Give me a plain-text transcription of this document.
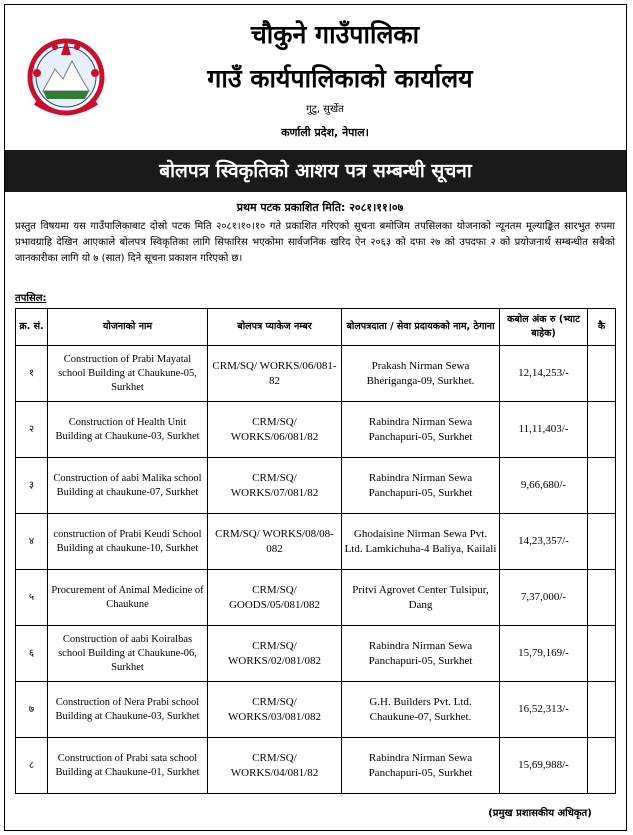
चौकुने गाउँपालिका
गाउँ कार्यपालिकाको कार्यालय
गुटु, सुर्खेत
कर्णाली प्रदेश, नेपाल।
बोलपत्र स्विकृतिको आशय पत्र सम्बन्धी सूचना
प्रथम पटक प्रकाशित मिति: २०८१।११।०७
प्रस्तुत विषयमा यस गाउँपालिकाबाट दोस्रो पटक मिति २०८१।१०।१० गते प्रकाशित गरिएको सूचना बमोजिम तपसिलका योजनाको न्यूनतम मूल्याङ्कित सारभुत रुपमा प्रभावग्राहि देखिन आएकाले बोलपत्र स्विकृतिका लागि सिफारिस भएकोमा सार्वजनिक खरिद ऐन २०६३ को दफा २७ को उपदफा २ को प्रयोजनार्थ सम्बन्धीत सबैको जानकारीका लागि यो ७ (सात) दिने सूचना प्रकाशन गरिएको छ।
तपसिल:
क्र. सं.	योजनाको नाम	बोलपत्र प्याकेज नम्बर	बोलपत्रदाता / सेवा प्रदायकको नाम, ठेगाना	कबोल अंक रु (भ्याट बाहेक)	कै
१	Construction of Prabi Mayatal school Building at Chaukune-05, Surkhet	CRM/SQ/ WORKS/06/081-82	Prakash Nirman Sewa Bheriganga-09, Surkhet.	12,14,253/-	
२	Construction of Health Unit Building at Chaukune-03, Surkhet	CRM/SQ/ WORKS/06/081/82	Rabindra Nirman Sewa Panchapuri-05, Surkhet	11,11,403/-	
३	Construction of aabi Malika school Building at chaukune-07, Surkhet	CRM/SQ/ WORKS/07/081/82	Rabindra Nirman Sewa Panchapuri-05, Surkhet	9,66,680/-	
४	construction of Prabi Keudi School Building at chaukune-10, Surkhet	CRM/SQ/ WORKS/08/08-082	Ghodaisine Nirman Sewa Pvt. Ltd. Lamkichuha-4 Baliya, Kailali	14,23,357/-	
५	Procurement of Animal Medicine of Chaukune	CRM/SQ/ GOODS/05/081/082	Pritvi Agrovet Center Tulsipur, Dang	7,37,000/-	
६	Construction of aabi Koiralbas school Building at Chaukune-06, Surkhet	CRM/SQ/ WORKS/02/081/082	Rabindra Nirman Sewa Panchapuri-05, Surkhet	15,79,169/-	
७	Construction of Nera Prabi school Building at Chaukune-03, Surkhet	CRM/SQ/ WORKS/03/081/082	G.H. Builders Pvt. Ltd. Chaukune-07, Surkhet.	16,52,313/-	
८	Construction of Prabi sata school Building at Chaukune-01, Surkhet	CRM/SQ/ WORKS/04/081/82	Rabindra Nirman Sewa Panchapuri-05, Surkhet	15,69,988/-	
(प्रमुख प्रशासकीय अधिकृत)
